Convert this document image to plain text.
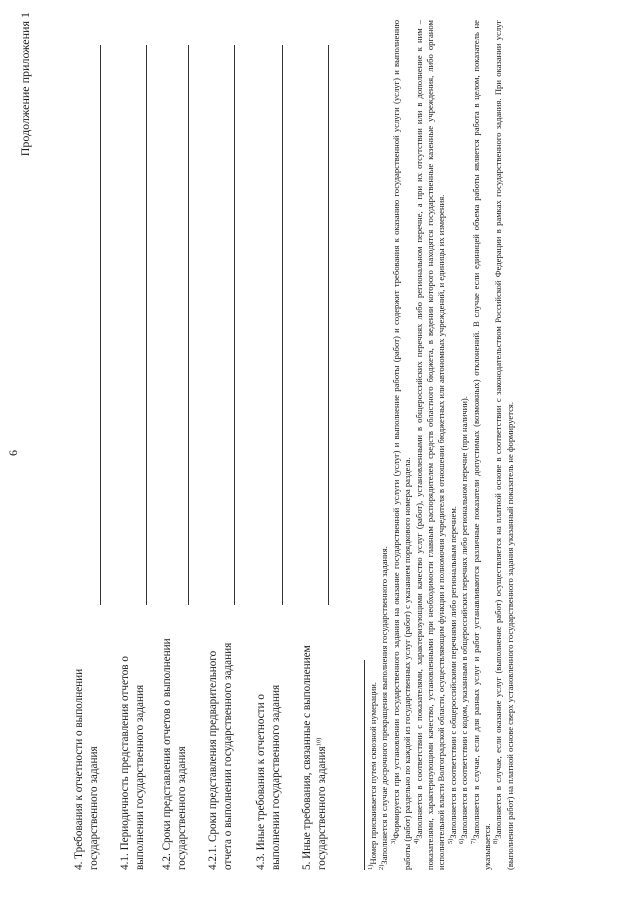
6
Продолжение приложения 1
4. Требования к отчетности о выполнении государственного задания 4.1. Периодичность представления отчетов о выполнении государственного задания 4.2. Сроки представления отчетов о выполнении государственного задания 4.2.1. Сроки представления предварительного отчета о выполнении государственного задания 4.3. Иные требования к отчетности о выполнении государственного задания 5. Иные требования, связанные с выполнением государственного задания$^{10)}$

$^{1)}$Номер присваивается путем сквозной нумерации.

$^{2)}$Заполняется в случае досрочного прекращения выполнения государственного задания. $^{3)}$Формируется при установлении государственного задания на оказание государственной услуги (услуг) и выполнение работы (работ) и содержит требования к оказанию государственной услуги (услуг) и выполнению работы (работ) раздельно по каждой из государственных услуг (работ) с указанием порядкового номера раздела. $^{4)}$Заполняется в соответствии с показателями, характеризующими качество услуг (работ), установленными в общероссийских перечнях либо региональном перечне, а при их отсутствии или в дополнение к ним – показателями, характеризующими качество, установленными при необходимости главным распорядителем средств областного бюджета, в ведении которого находятся государственные казенные учреждения, либо органом исполнительной власти Волгоградской области, осуществляющим функции и полномочия учредителя в отношении бюджетных или автономных учреждений, и единицы их измерения. $^{5)}$Заполняется в соответствии с общероссийскими перечнями либо региональным перечнем.

$^{6)}$Заполняется в соответствии с кодом, указанным в общероссийских перечнях либо региональном перечне (при наличии).

$^{7)}$Заполняется в случае, если для разных услуг и работ устанавливаются различные показатели допустимых (возможных) отклонений. В случае если единицей объема работы является работа в целом, показатель не указывается. $^{8)}$Заполняется в случае, если оказание услуг (выполнение работ) осуществляется на платной основе в соответствии с законодательством Российской Федерации в рамках государственного задания. При оказании услуг (выполнении работ) на платной основе сверх установленного государственного задания указанный показатель не формируется.
